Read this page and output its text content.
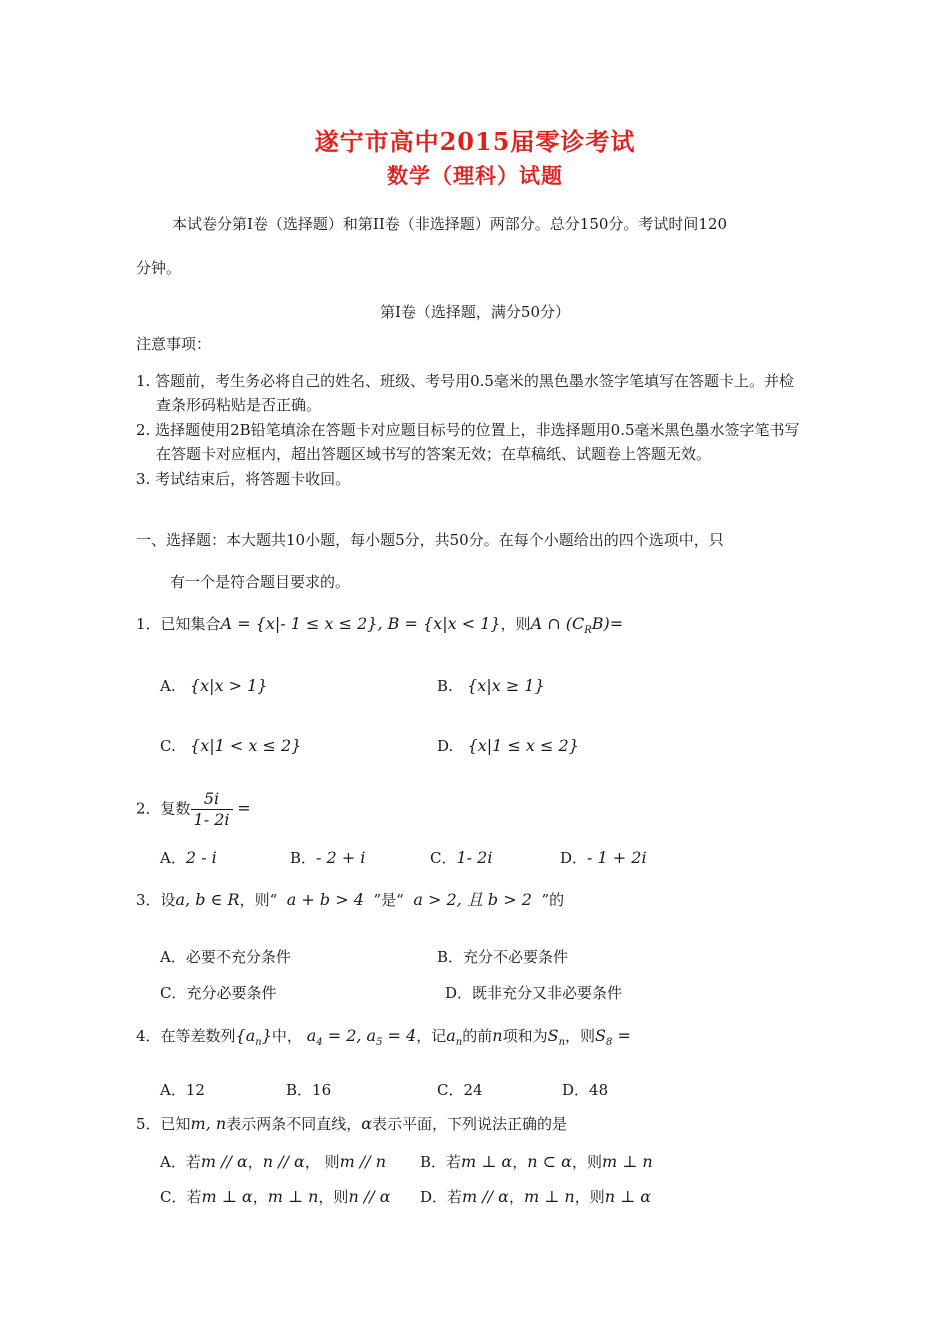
遂宁市高中2015届零诊考试
数学（理科）试题
本试卷分第Ⅰ卷（选择题）和第II卷（非选择题）两部分。总分150分。考试时间120
分钟。
第Ⅰ卷（选择题，满分50分）
注意事项：
1. 答题前，考生务必将自己的姓名、班级、考号用0.5毫米的黑色墨水签字笔填写在答题卡上。并检
查条形码粘贴是否正确。
2. 选择题使用2B铅笔填涂在答题卡对应题目标号的位置上，非选择题用0.5毫米黑色墨水签字笔书写
在答题卡对应框内，超出答题区域书写的答案无效；在草稿纸、试题卷上答题无效。
3. 考试结束后，将答题卡收回。
一、选择题：本大题共10小题，每小题5分，共50分。在每个小题给出的四个选项中，只
有一个是符合题目要求的。
1．已知集合A = {x|- 1 ≤ x ≤ 2}, B = {x|x < 1}，则A ∩ $(C_RB)=$
A. {x|x > 1}	B. {x|x ≥ 1}
C. {x|1 < x ≤ 2}	D. {x|1 ≤ x ≤ 2}
2．复数 $\frac{5i}{1- 2i}$ =
A．2 - i	B．- 2 + i	C．1- 2i	D．- 1 + 2i
3．设a, b ∈ R，则“ a + b > 4 ”是“ a > 2, 且 b > 2 ”的
A．必要不充分条件	B．充分不必要条件
C．充分必要条件	D．既非充分又非必要条件
4．在等差数列$\{a_n\}$中， $a_4 = 2$, $a_5 = 4$，记$a_n$的前n项和为$S_n$，则$S_8$ =
A．12	B．16	C．24	D．48
5．已知m, n表示两条不同直线，α表示平面，下列说法正确的是
A．若m // α，n // α， 则m // n B．若m ⊥ α，n ⊂ α，则m ⊥ n
C．若m ⊥ α，m ⊥ n，则n // α D．若m // α，m ⊥ n，则n ⊥ α
